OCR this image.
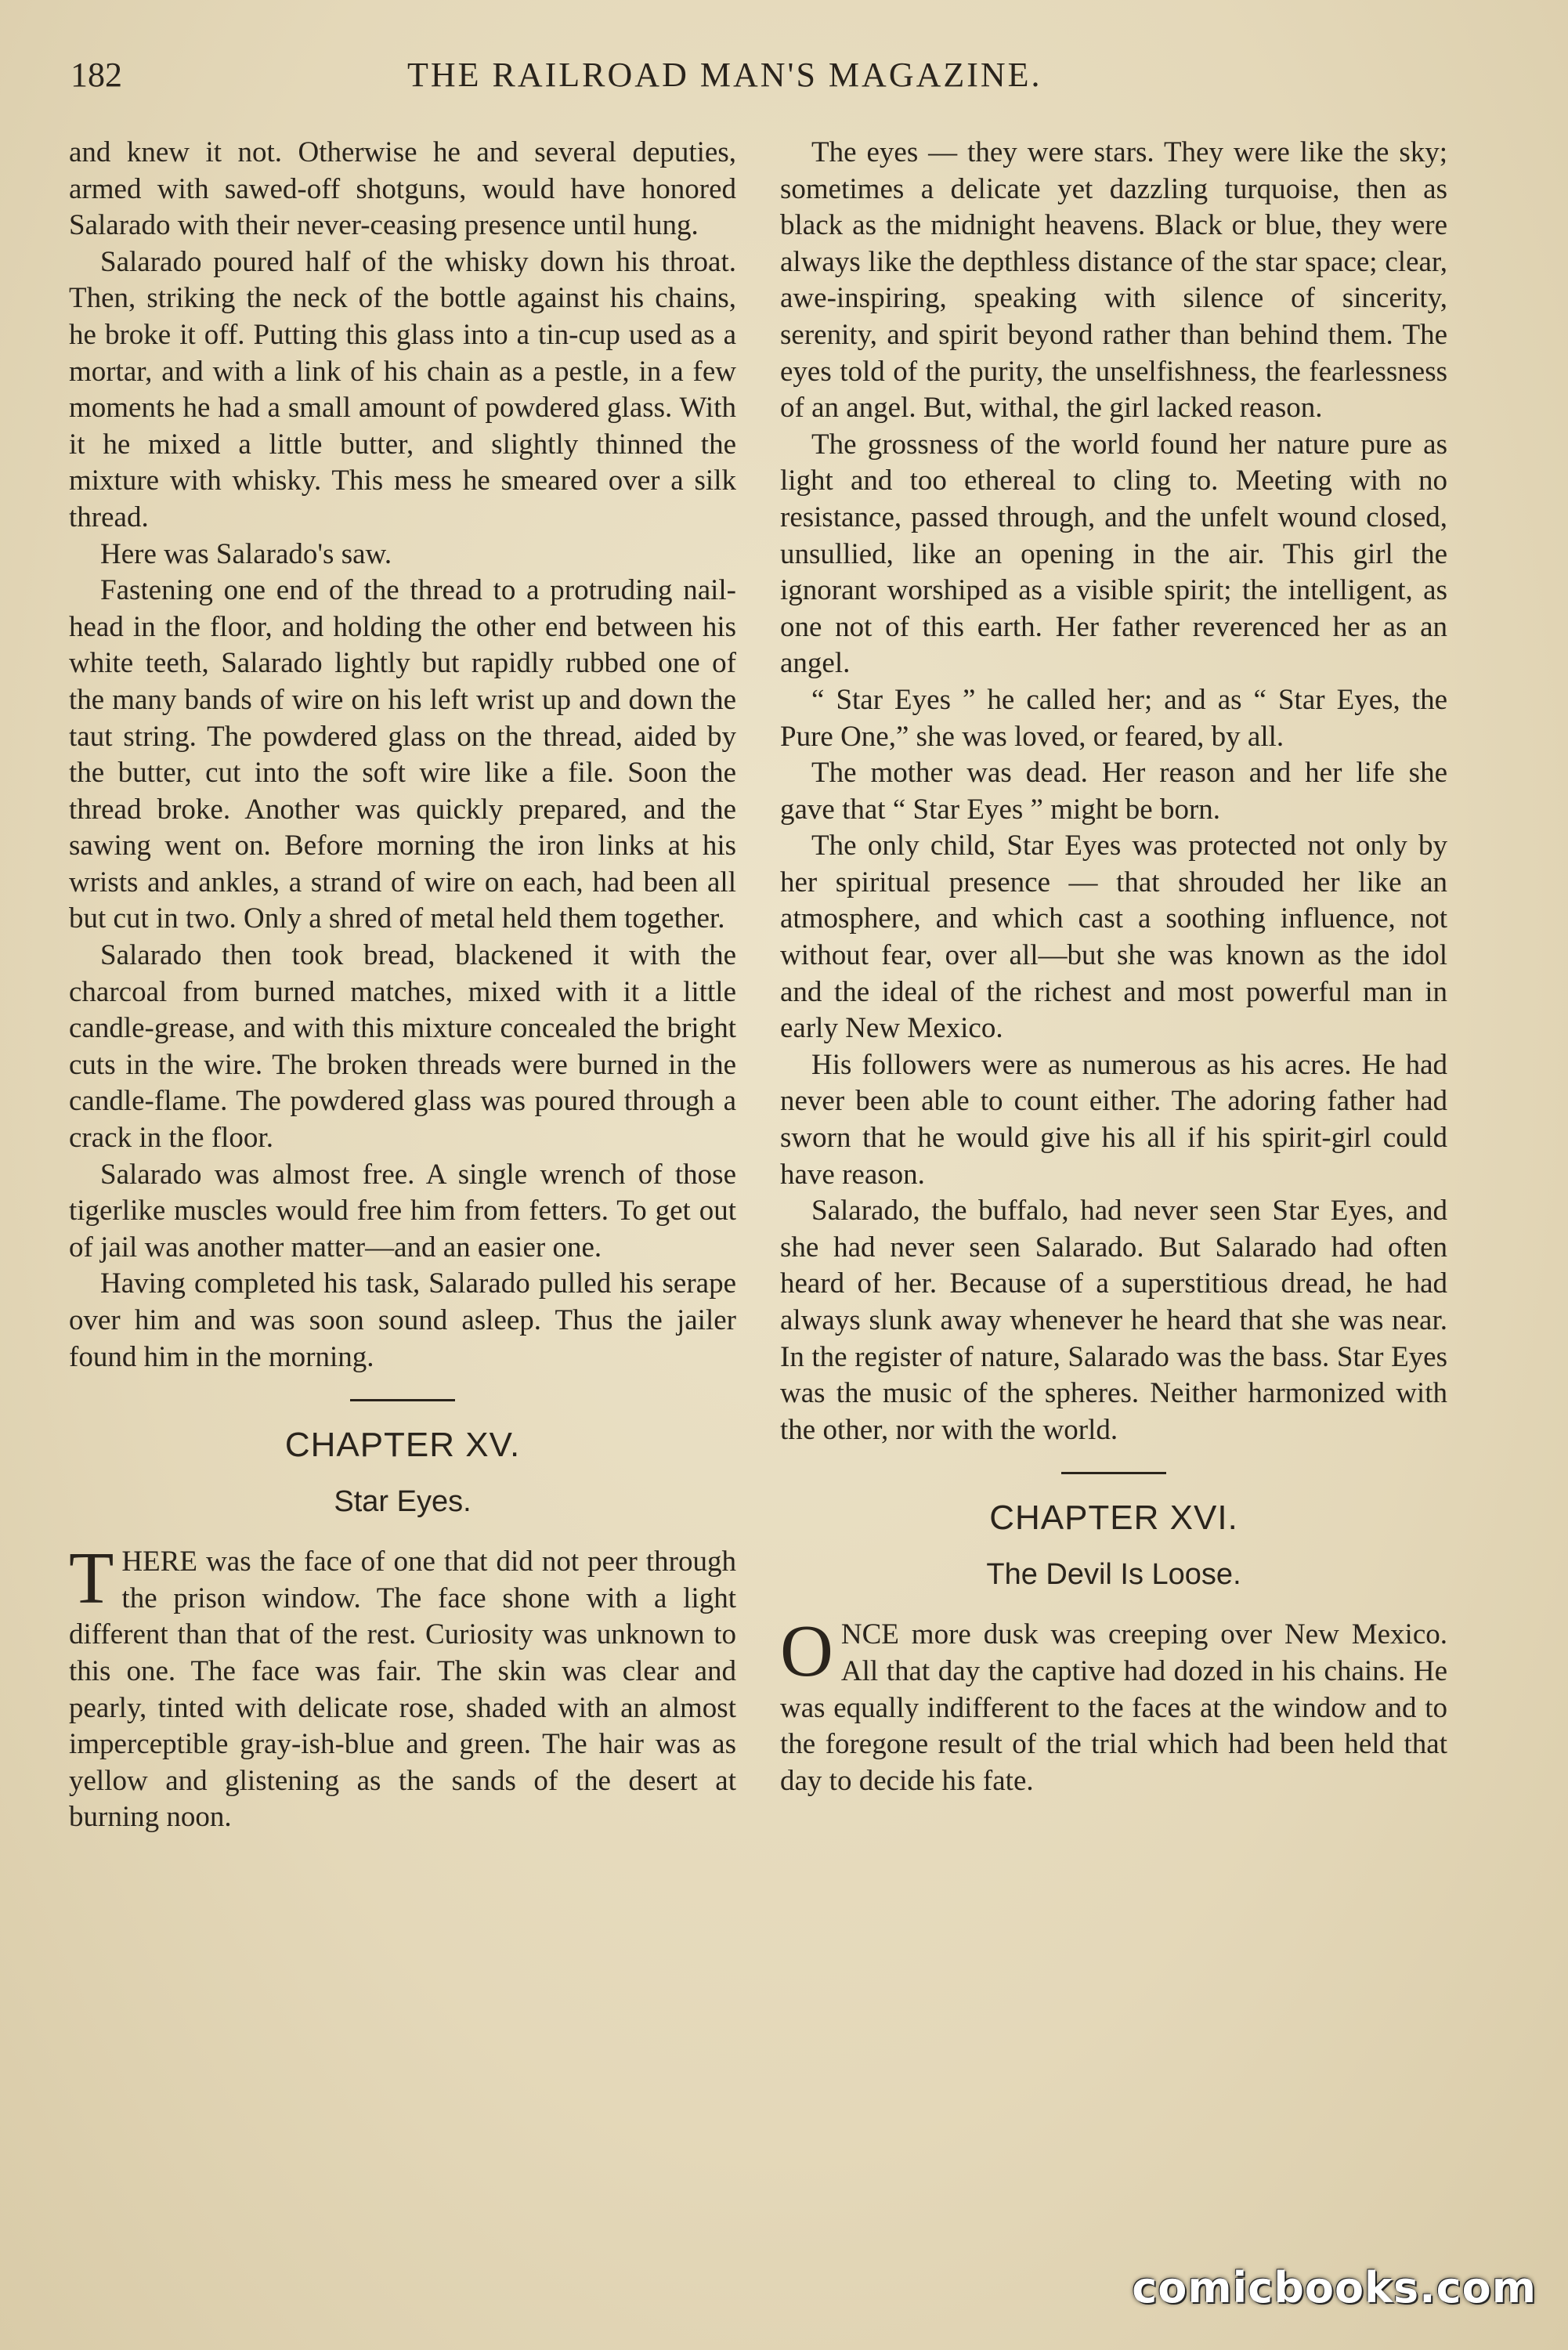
182	THE RAILROAD MAN'S MAGAZINE.

and knew it not. Otherwise he and several deputies, armed with sawed-off shotguns, would have honored Salarado with their never-ceasing presence until hung.

Salarado poured half of the whisky down his throat. Then, striking the neck of the bottle against his chains, he broke it off. Putting this glass into a tin-cup used as a mortar, and with a link of his chain as a pestle, in a few moments he had a small amount of powdered glass. With it he mixed a little butter, and slightly thinned the mixture with whisky. This mess he smeared over a silk thread.

Here was Salarado's saw.

Fastening one end of the thread to a protruding nail-head in the floor, and holding the other end between his white teeth, Salarado lightly but rapidly rubbed one of the many bands of wire on his left wrist up and down the taut string. The powdered glass on the thread, aided by the butter, cut into the soft wire like a file. Soon the thread broke. Another was quickly prepared, and the sawing went on. Before morning the iron links at his wrists and ankles, a strand of wire on each, had been all but cut in two. Only a shred of metal held them together.

Salarado then took bread, blackened it with the charcoal from burned matches, mixed with it a little candle-grease, and with this mixture concealed the bright cuts in the wire. The broken threads were burned in the candle-flame. The powdered glass was poured through a crack in the floor.

Salarado was almost free. A single wrench of those tigerlike muscles would free him from fetters. To get out of jail was another matter—and an easier one.

Having completed his task, Salarado pulled his serape over him and was soon sound asleep. Thus the jailer found him in the morning.

CHAPTER XV.
Star Eyes.

THERE was the face of one that did not peer through the prison window. The face shone with a light different than that of the rest. Curiosity was unknown to this one. The face was fair. The skin was clear and pearly, tinted with delicate rose, shaded with an almost imperceptible gray-ish-blue and green. The hair was as yellow and glistening as the sands of the desert at burning noon.

The eyes — they were stars. They were like the sky; sometimes a delicate yet dazzling turquoise, then as black as the midnight heavens. Black or blue, they were always like the depthless distance of the star space; clear, awe-inspiring, speaking with silence of sincerity, serenity, and spirit beyond rather than behind them. The eyes told of the purity, the unselfishness, the fearlessness of an angel. But, withal, the girl lacked reason.

The grossness of the world found her nature pure as light and too ethereal to cling to. Meeting with no resistance, passed through, and the unfelt wound closed, unsullied, like an opening in the air. This girl the ignorant worshiped as a visible spirit; the intelligent, as one not of this earth. Her father reverenced her as an angel.

“ Star Eyes ” he called her; and as “ Star Eyes, the Pure One,” she was loved, or feared, by all.

The mother was dead. Her reason and her life she gave that “ Star Eyes ” might be born.

The only child, Star Eyes was protected not only by her spiritual presence — that shrouded her like an atmosphere, and which cast a soothing influence, not without fear, over all—but she was known as the idol and the ideal of the richest and most powerful man in early New Mexico.

His followers were as numerous as his acres. He had never been able to count either. The adoring father had sworn that he would give his all if his spirit-girl could have reason.

Salarado, the buffalo, had never seen Star Eyes, and she had never seen Salarado. But Salarado had often heard of her. Because of a superstitious dread, he had always slunk away whenever he heard that she was near. In the register of nature, Salarado was the bass. Star Eyes was the music of the spheres. Neither harmonized with the other, nor with the world.

CHAPTER XVI.
The Devil Is Loose.

ONCE more dusk was creeping over New Mexico. All that day the captive had dozed in his chains. He was equally indifferent to the faces at the window and to the foregone result of the trial which had been held that day to decide his fate.

comicbooks.com
